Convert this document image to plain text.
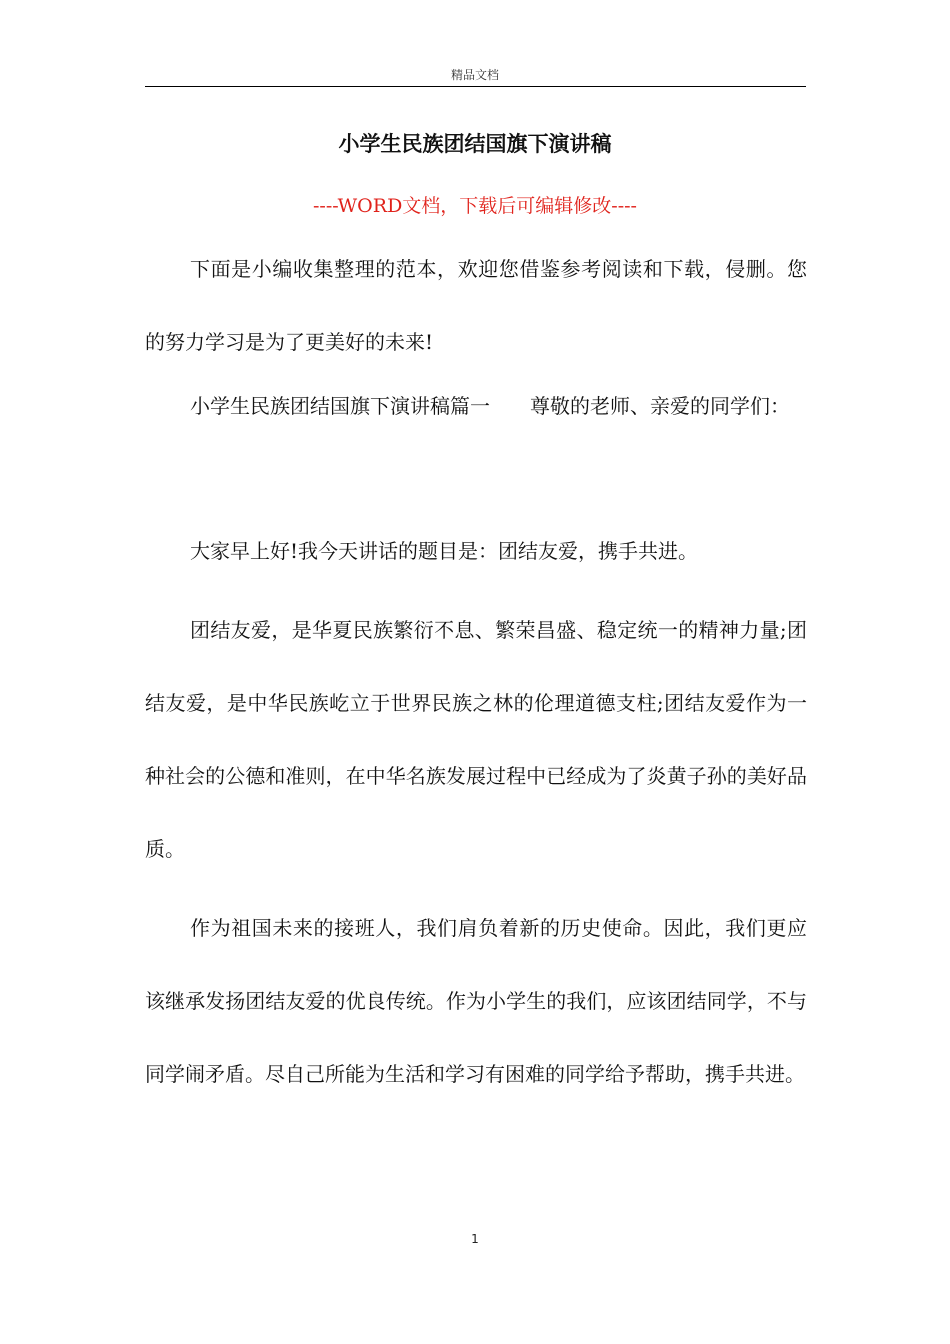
精品文档
小学生民族团结国旗下演讲稿
----WORD文档，下载后可编辑修改----

下面是小编收集整理的范本，欢迎您借鉴参考阅读和下载，侵删。您的努力学习是为了更美好的未来!

小学生民族团结国旗下演讲稿篇一 尊敬的老师、亲爱的同学们：

大家早上好!我今天讲话的题目是：团结友爱，携手共进。

团结友爱，是华夏民族繁衍不息、繁荣昌盛、稳定统一的精神力量;团结友爱，是中华民族屹立于世界民族之林的伦理道德支柱;团结友爱作为一种社会的公德和准则，在中华名族发展过程中已经成为了炎黄子孙的美好品质。

作为祖国未来的接班人，我们肩负着新的历史使命。因此，我们更应该继承发扬团结友爱的优良传统。作为小学生的我们，应该团结同学，不与同学闹矛盾。尽自己所能为生活和学习有困难的同学给予帮助，携手共进。

1
